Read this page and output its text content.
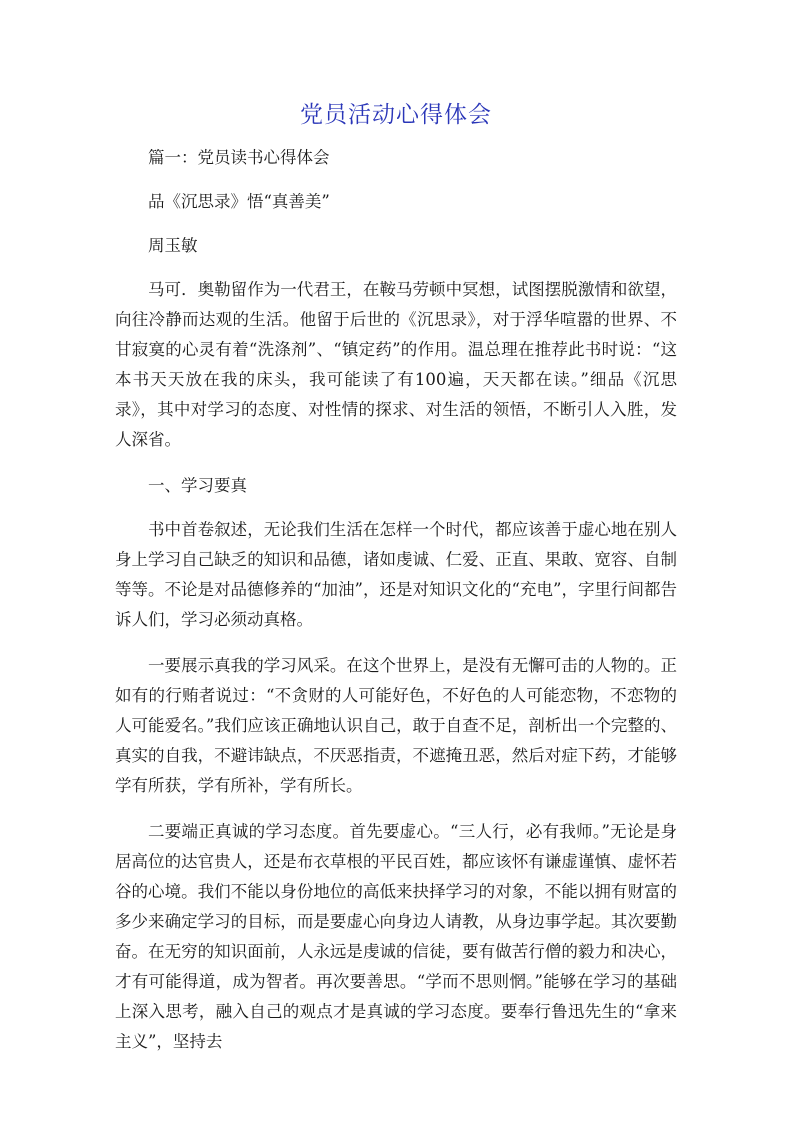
党员活动心得体会

篇一：党员读书心得体会

品《沉思录》悟“真善美”

周玉敏

马可．奥勒留作为一代君王，在鞍马劳顿中冥想，试图摆脱激情和欲望，向往冷静而达观的生活。他留于后世的《沉思录》，对于浮华喧嚣的世界、不甘寂寞的心灵有着“洗涤剂”、“镇定药”的作用。温总理在推荐此书时说：“这本书天天放在我的床头，我可能读了有100遍，天天都在读。”细品《沉思录》，其中对学习的态度、对性情的探求、对生活的领悟，不断引人入胜，发人深省。

一、学习要真

书中首卷叙述，无论我们生活在怎样一个时代，都应该善于虚心地在别人身上学习自己缺乏的知识和品德，诸如虔诚、仁爱、正直、果敢、宽容、自制等等。不论是对品德修养的“加油”，还是对知识文化的“充电”，字里行间都告诉人们，学习必须动真格。

一要展示真我的学习风采。在这个世界上，是没有无懈可击的人物的。正如有的行贿者说过：“不贪财的人可能好色，不好色的人可能恋物，不恋物的人可能爱名。”我们应该正确地认识自己，敢于自查不足，剖析出一个完整的、真实的自我，不避讳缺点，不厌恶指责，不遮掩丑恶，然后对症下药，才能够学有所获，学有所补，学有所长。

二要端正真诚的学习态度。首先要虚心。“三人行，必有我师。”无论是身居高位的达官贵人，还是布衣草根的平民百姓，都应该怀有谦虚谨慎、虚怀若谷的心境。我们不能以身份地位的高低来抉择学习的对象，不能以拥有财富的多少来确定学习的目标，而是要虚心向身边人请教，从身边事学起。其次要勤奋。在无穷的知识面前，人永远是虔诚的信徒，要有做苦行僧的毅力和决心，才有可能得道，成为智者。再次要善思。“学而不思则惘。”能够在学习的基础上深入思考，融入自己的观点才是真诚的学习态度。要奉行鲁迅先生的“拿来主义”，坚持去
